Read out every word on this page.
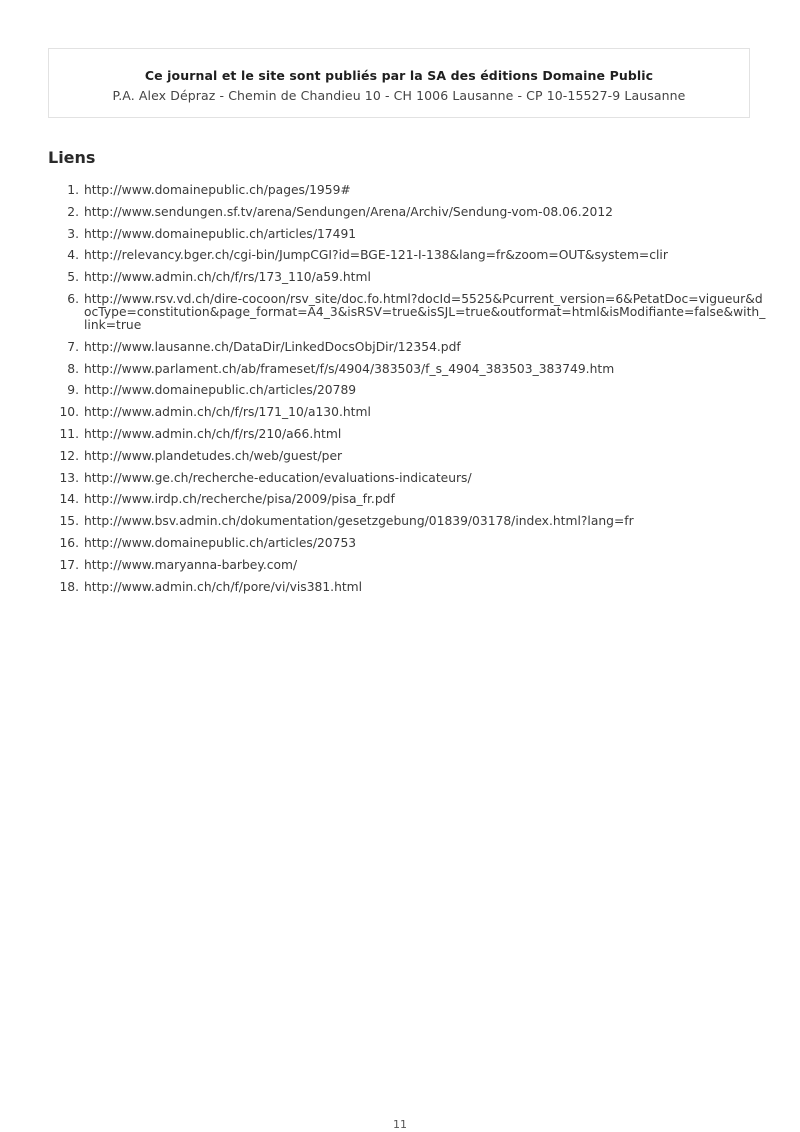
Ce journal et le site sont publiés par la SA des éditions Domaine Public
P.A. Alex Dépraz - Chemin de Chandieu 10 - CH 1006 Lausanne - CP 10-15527-9 Lausanne
Liens
1. http://www.domainepublic.ch/pages/1959#
2. http://www.sendungen.sf.tv/arena/Sendungen/Arena/Archiv/Sendung-vom-08.06.2012
3. http://www.domainepublic.ch/articles/17491
4. http://relevancy.bger.ch/cgi-bin/JumpCGI?id=BGE-121-I-138&lang=fr&zoom=OUT&system=clir
5. http://www.admin.ch/ch/f/rs/173_110/a59.html
6. http://www.rsv.vd.ch/dire-cocoon/rsv_site/doc.fo.html?docId=5525&Pcurrent_version=6&PetatDoc=vigueur&docType=constitution&page_format=A4_3&isRSV=true&isSJL=true&outformat=html&isModifiante=false&with_link=true
7. http://www.lausanne.ch/DataDir/LinkedDocsObjDir/12354.pdf
8. http://www.parlament.ch/ab/frameset/f/s/4904/383503/f_s_4904_383503_383749.htm
9. http://www.domainepublic.ch/articles/20789
10. http://www.admin.ch/ch/f/rs/171_10/a130.html
11. http://www.admin.ch/ch/f/rs/210/a66.html
12. http://www.plandetudes.ch/web/guest/per
13. http://www.ge.ch/recherche-education/evaluations-indicateurs/
14. http://www.irdp.ch/recherche/pisa/2009/pisa_fr.pdf
15. http://www.bsv.admin.ch/dokumentation/gesetzgebung/01839/03178/index.html?lang=fr
16. http://www.domainepublic.ch/articles/20753
17. http://www.maryanna-barbey.com/
18. http://www.admin.ch/ch/f/pore/vi/vis381.html
11
